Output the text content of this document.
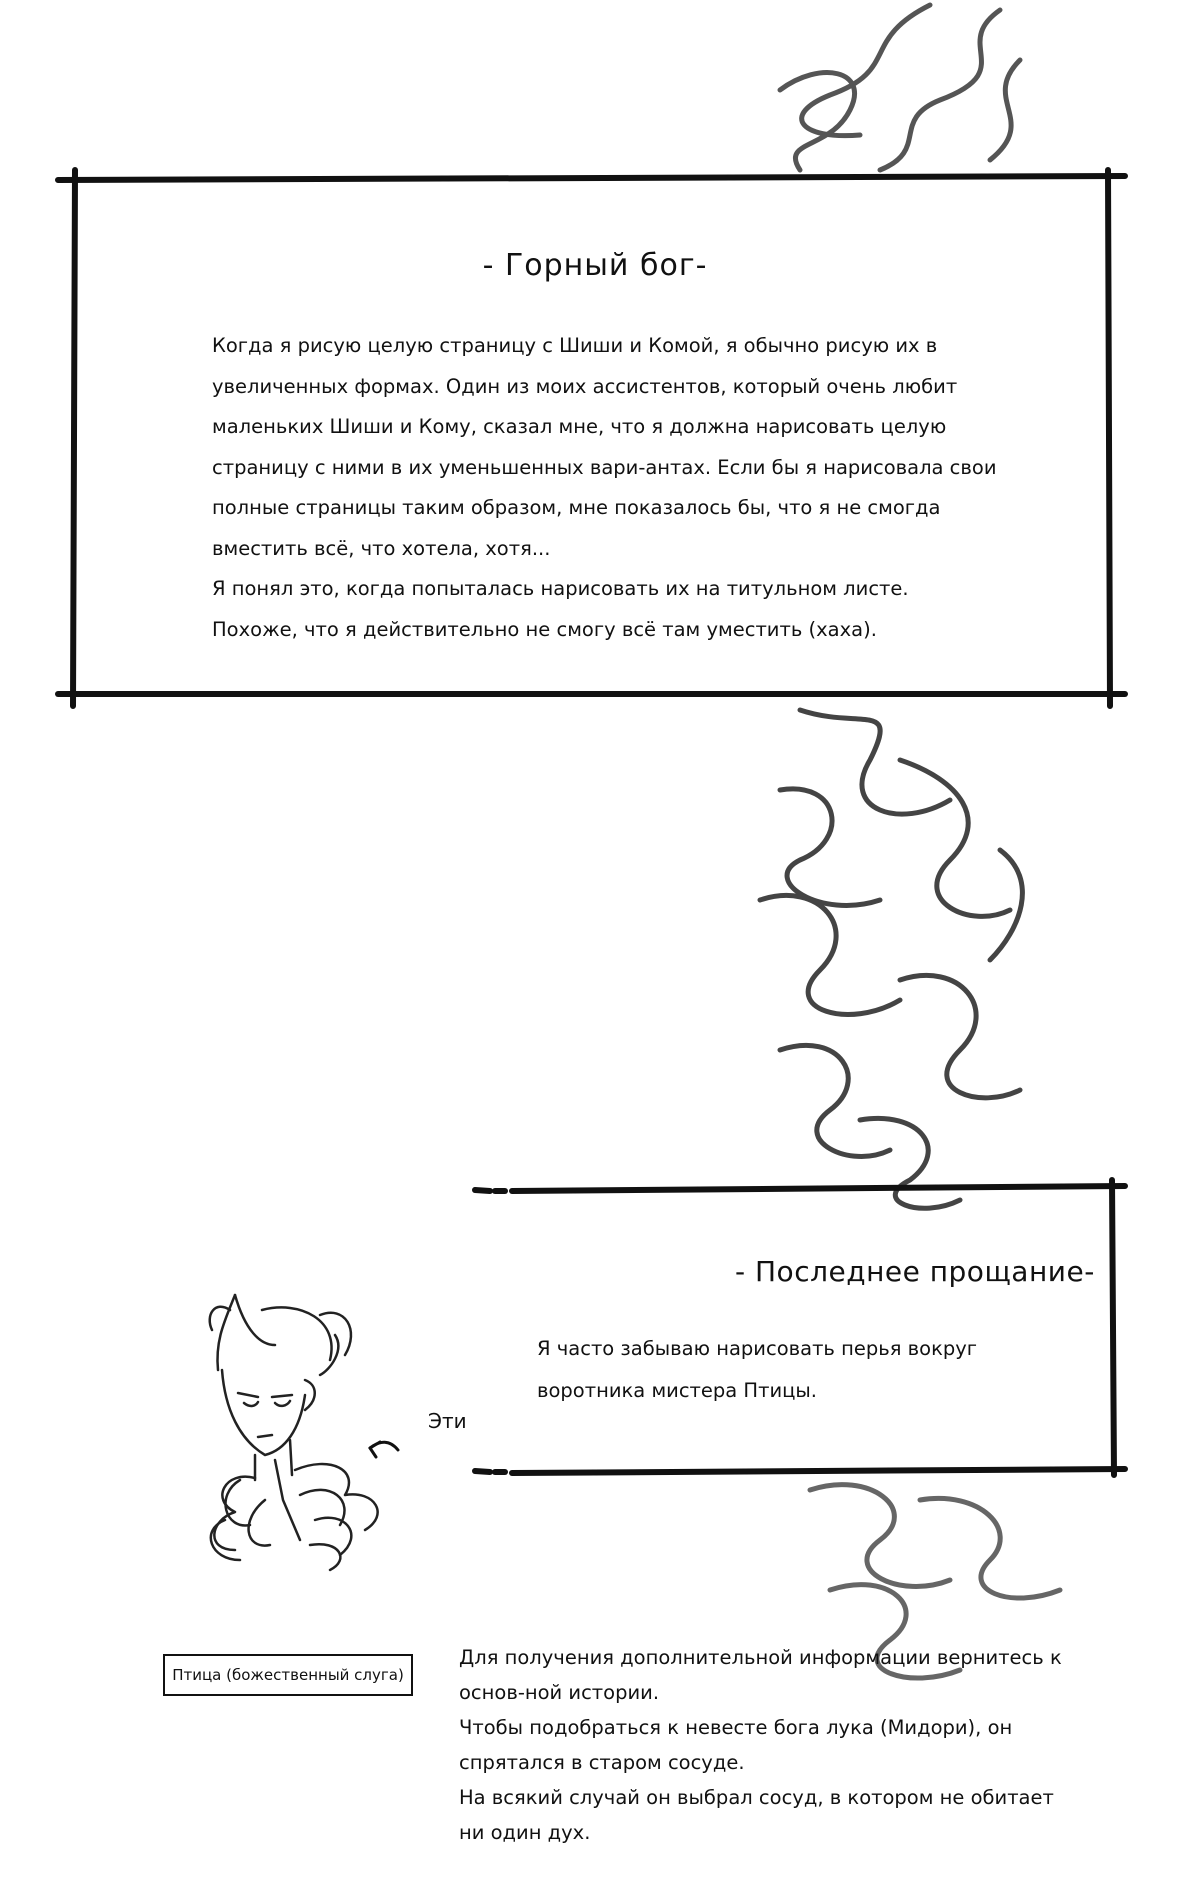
- Горный бог-
Когда я рисую целую страницу с Шиши и Комой, я обычно рисую их в увеличенных формах. Один из моих ассистентов, который очень любит маленьких Шиши и Кому, сказал мне, что я должна нарисовать целую страницу с ними в их уменьшенных вари-антах. Если бы я нарисовала свои полные страницы таким образом, мне показалось бы, что я не смогда вместить всё, что хотела, хотя...
Я понял это, когда попыталась нарисовать их на титульном листе.
Похоже, что я действительно не смогу всё там уместить (хаха).
- Последнее прощание-
Я часто забываю нарисовать перья вокруг воротника мистера Птицы.
Эти
Птица (божественный слуга)
Для получения дополнительной информации вернитесь к основ-ной истории.
Чтобы подобраться к невесте бога лука (Мидори), он спрятался в старом сосуде.
На всякий случай он выбрал сосуд, в котором не обитает ни один дух.
